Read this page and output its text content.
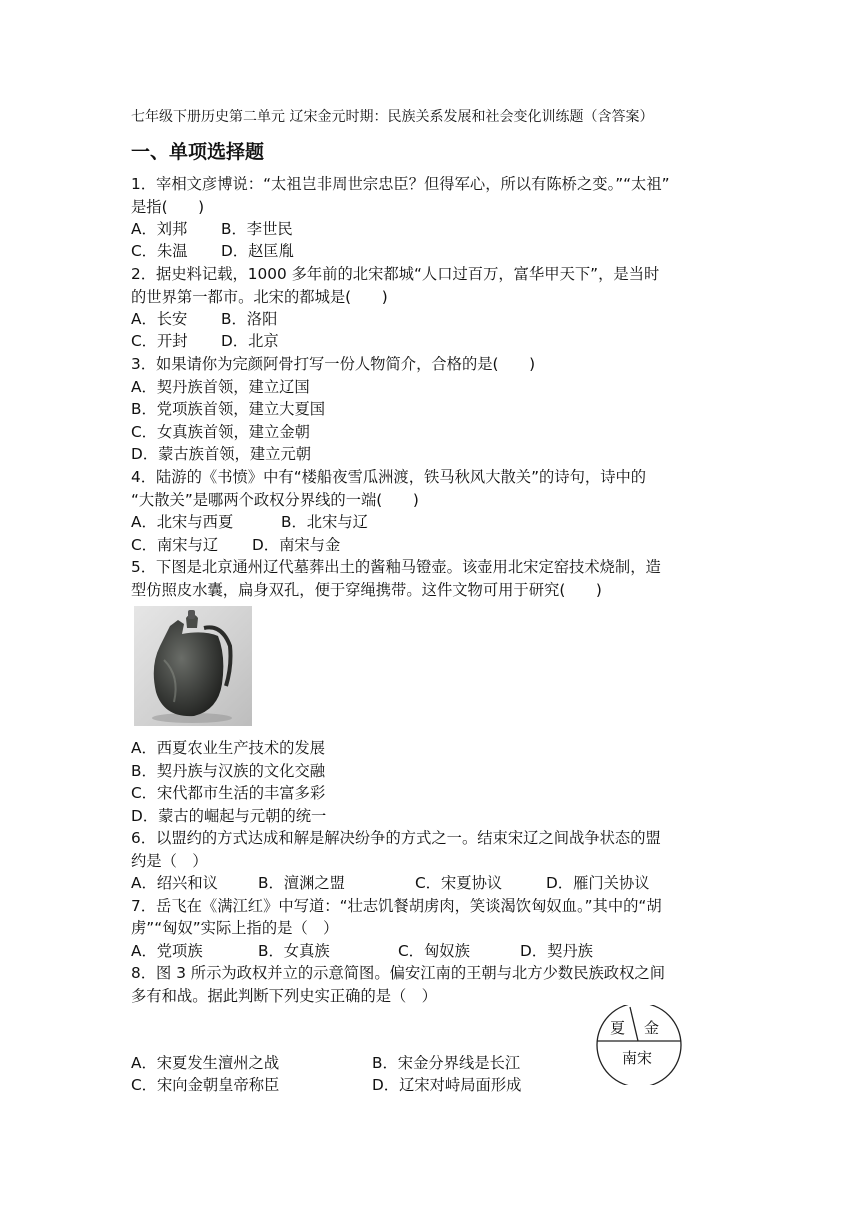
七年级下册历史第二单元 辽宋金元时期：民族关系发展和社会变化训练题（含答案）
一、单项选择题
1．宰相文彦博说：“太祖岂非周世宗忠臣？但得军心，所以有陈桥之变。”“太祖”
是指(　　)
A．刘邦 B．李世民
C．朱温 D．赵匡胤
2．据史料记载，1000 多年前的北宋都城“人口过百万，富华甲天下”，是当时
的世界第一都市。北宋的都城是(　　)
A．长安 B．洛阳
C．开封 D．北京
3．如果请你为完颜阿骨打写一份人物简介，合格的是(　　)
A．契丹族首领，建立辽国
B．党项族首领，建立大夏国
C．女真族首领，建立金朝
D．蒙古族首领，建立元朝
4．陆游的《书愤》中有“楼船夜雪瓜洲渡，铁马秋风大散关”的诗句，诗中的
“大散关”是哪两个政权分界线的一端(　　)
A．北宋与西夏	B．北宋与辽
C．南宋与辽 D．南宋与金
5．下图是北京通州辽代墓葬出土的酱釉马镫壶。该壶用北宋定窑技术烧制，造
型仿照皮水囊，扁身双孔，便于穿绳携带。这件文物可用于研究(　　)
A．西夏农业生产技术的发展
B．契丹族与汉族的文化交融
C．宋代都市生活的丰富多彩
D．蒙古的崛起与元朝的统一
6．以盟约的方式达成和解是解决纷争的方式之一。结束宋辽之间战争状态的盟
约是（　）
A．绍兴和议	B．澶渊之盟	C．宋夏协议	D．雁门关协议
7．岳飞在《满江红》中写道：“壮志饥餐胡虏肉，笑谈渴饮匈奴血。”其中的“胡
虏”“匈奴”实际上指的是（　）
A．党项族	B．女真族	C．匈奴族	D．契丹族
8．图 3 所示为政权并立的示意简图。偏安江南的王朝与北方少数民族政权之间
多有和战。据此判断下列史实正确的是（　）
夏 金
南宋
A．宋夏发生澶州之战	B．宋金分界线是长江
C．宋向金朝皇帝称臣	D．辽宋对峙局面形成
